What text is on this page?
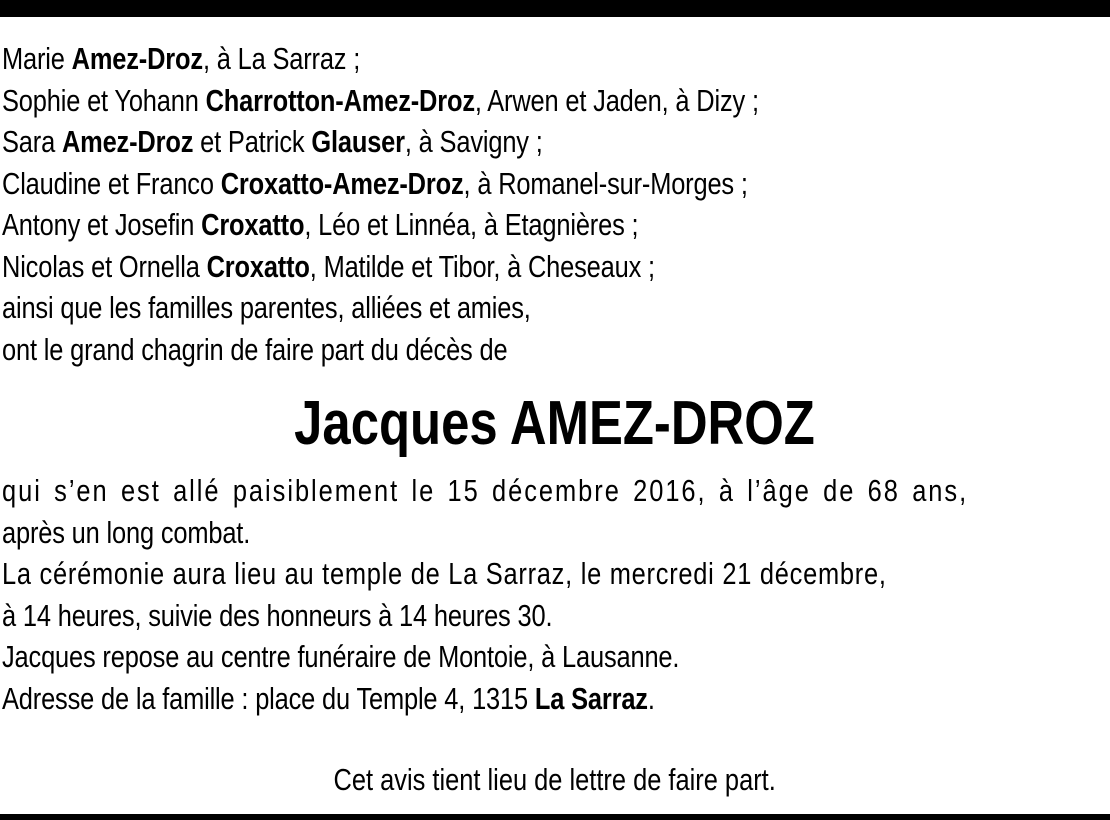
Marie Amez-Droz, à La Sarraz ;
Sophie et Yohann Charrotton-Amez-Droz, Arwen et Jaden, à Dizy ;
Sara Amez-Droz et Patrick Glauser, à Savigny ;
Claudine et Franco Croxatto-Amez-Droz, à Romanel-sur-Morges ;
Antony et Josefin Croxatto, Léo et Linnéa, à Etagnières ;
Nicolas et Ornella Croxatto, Matilde et Tibor, à Cheseaux ;
ainsi que les familles parentes, alliées et amies,
ont le grand chagrin de faire part du décès de
Jacques AMEZ-DROZ
qui s’en est allé paisiblement le 15 décembre 2016, à l’âge de 68 ans,
après un long combat.
La cérémonie aura lieu au temple de La Sarraz, le mercredi 21 décembre,
à 14 heures, suivie des honneurs à 14 heures 30.
Jacques repose au centre funéraire de Montoie, à Lausanne.
Adresse de la famille : place du Temple 4, 1315 La Sarraz.
Cet avis tient lieu de lettre de faire part.
